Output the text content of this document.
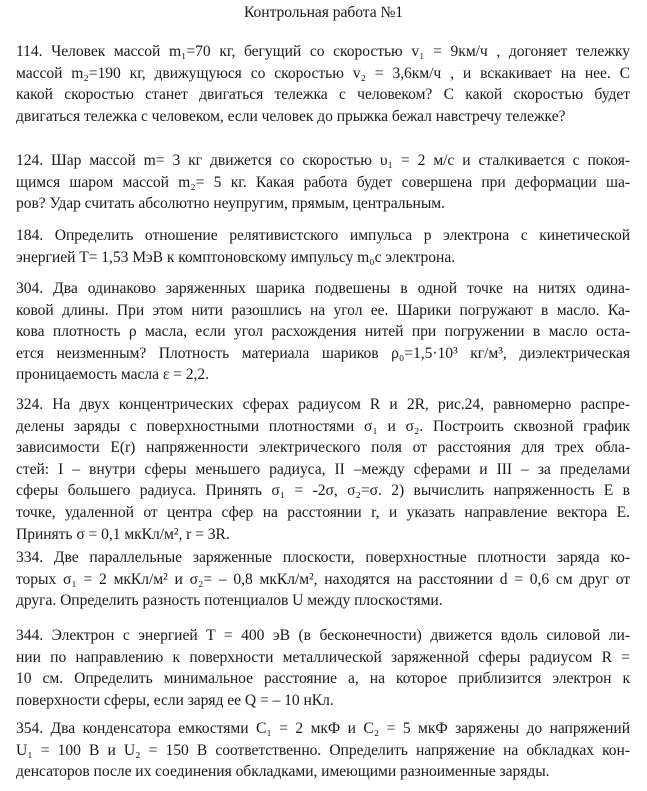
Контрольная работа №1
114. Человек массой m₁=70 кг, бегущий со скоростью v₁ = 9км/ч , догоняет тележку
массой m₂=190 кг, движущуюся со скоростью v₂ = 3,6км/ч , и вскакивает на нее. С
какой скоростью станет двигаться тележка с человеком? С какой скоростью будет
двигаться тележка с человеком, если человек до прыжка бежал навстречу тележке?
124. Шар массой m= 3 кг движется со скоростью υ₁ = 2 м/с и сталкивается с покоя-
щимся шаром массой m₂= 5 кг. Какая работа будет совершена при деформации ша-
ров? Удар считать абсолютно неупругим, прямым, центральным.
184. Определить отношение релятивистского импульса p электрона с кинетической
энергией T= 1,53 МэВ к комптоновскому импульсу m₀c электрона.
304. Два одинаково заряженных шарика подвешены в одной точке на нитях одина-
ковой длины. При этом нити разошлись на угол ее. Шарики погружают в масло. Ка-
кова плотность ρ масла, если угол расхождения нитей при погружении в масло оста-
ется неизменным? Плотность материала шариков ρ₀=1,5·10³ кг/м³, диэлектрическая
проницаемость масла ε = 2,2.
324. На двух концентрических сферах радиусом R и 2R, рис.24, равномерно распре-
делены заряды с поверхностными плотностями σ₁ и σ₂. Построить сквозной график
зависимости E(r) напряженности электрического поля от расстояния для трех обла-
стей: I – внутри сферы меньшего радиуса, II –между сферами и III – за пределами
сферы большего радиуса. Принять σ₁ = -2σ, σ₂=σ. 2) вычислить напряженность E в
точке, удаленной от центра сфер на расстоянии r, и указать направление вектора E.
Принять σ = 0,1 мкКл/м², r = 3R.
334. Две параллельные заряженные плоскости, поверхностные плотности заряда ко-
торых σ₁ = 2 мкКл/м² и σ₂= – 0,8 мкКл/м², находятся на расстоянии d = 0,6 см друг от
друга. Определить разность потенциалов U между плоскостями.
344. Электрон с энергией T = 400 эВ (в бесконечности) движется вдоль силовой ли-
нии по направлению к поверхности металлической заряженной сферы радиусом R =
10 см. Определить минимальное расстояние a, на которое приблизится электрон к
поверхности сферы, если заряд ее Q = – 10 нКл.
354. Два конденсатора емкостями C₁ = 2 мкФ и C₂ = 5 мкФ заряжены до напряжений
U₁ = 100 В и U₂ = 150 В соответственно. Определить напряжение на обкладках кон-
денсаторов после их соединения обкладками, имеющими разноименные заряды.
